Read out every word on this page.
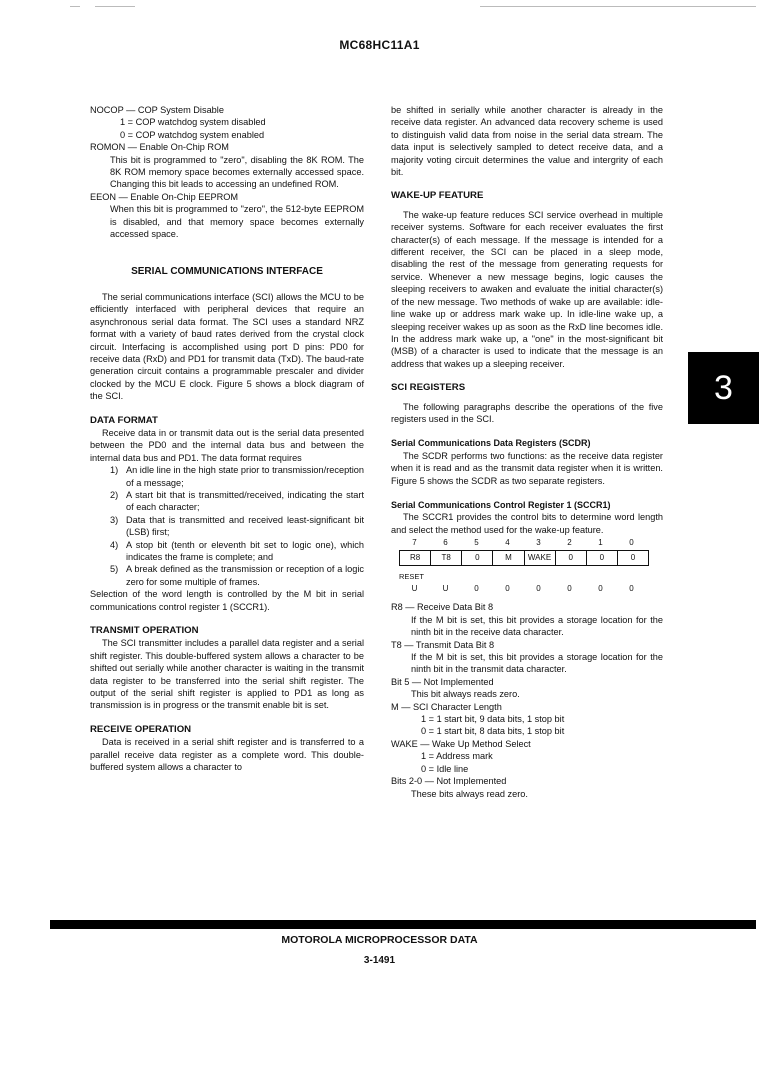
MC68HC11A1

NOCOP — COP System Disable

1 = COP watchdog system disabled

0 = COP watchdog system enabled

ROMON — Enable On-Chip ROM

This bit is programmed to "zero", disabling the 8K ROM. The 8K ROM memory space becomes externally accessed space. Changing this bit leads to accessing an undefined ROM.

EEON — Enable On-Chip EEPROM

When this bit is programmed to "zero", the 512-byte EEPROM is disabled, and that memory space becomes externally accessed space.

SERIAL COMMUNICATIONS INTERFACE

The serial communications interface (SCI) allows the MCU to be efficiently interfaced with peripheral devices that require an asynchronous serial data format. The SCI uses a standard NRZ format with a variety of baud rates derived from the crystal clock circuit. Interfacing is accomplished using port D pins: PD0 for receive data (RxD) and PD1 for transmit data (TxD). The baud-rate generation circuit contains a programmable prescaler and divider clocked by the MCU E clock. Figure 5 shows a block diagram of the SCI.

DATA FORMAT

Receive data in or transmit data out is the serial data presented between the PD0 and the internal data bus and between the internal data bus and PD1. The data format requires

1) An idle line in the high state prior to transmission/reception of a message;
2) A start bit that is transmitted/received, indicating the start of each character;
3) Data that is transmitted and received least-significant bit (LSB) first;
4) A stop bit (tenth or eleventh bit set to logic one), which indicates the frame is complete; and
5) A break defined as the transmission or reception of a logic zero for some multiple of frames.

Selection of the word length is controlled by the M bit in serial communications control register 1 (SCCR1).

TRANSMIT OPERATION

The SCI transmitter includes a parallel data register and a serial shift register. This double-buffered system allows a character to be shifted out serially while another character is waiting in the transmit data register to be transferred into the serial shift register. The output of the serial shift register is applied to PD1 as long as transmission is in progress or the transmit enable bit is set.

RECEIVE OPERATION

Data is received in a serial shift register and is transferred to a parallel receive data register as a complete word. This double-buffered system allows a character to

be shifted in serially while another character is already in the receive data register. An advanced data recovery scheme is used to distinguish valid data from noise in the serial data stream. The data input is selectively sampled to detect receive data, and a majority voting circuit determines the value and intergrity of each bit.

WAKE-UP FEATURE

The wake-up feature reduces SCI service overhead in multiple receiver systems. Software for each receiver evaluates the first character(s) of each message. If the message is intended for a different receiver, the SCI can be placed in a sleep mode, disabling the rest of the message from generating requests for service. Whenever a new message begins, logic causes the sleeping receivers to awaken and evaluate the initial character(s) of the new message. Two methods of wake up are available: idle-line wake up or address mark wake up. In idle-line wake up, a sleeping receiver wakes up as soon as the RxD line becomes idle. In the address mark wake up, a "one" in the most-significant bit (MSB) of a character is used to indicate that the message is an address that wakes up a sleeping receiver.

SCI REGISTERS

The following paragraphs describe the operations of the five registers used in the SCI.

Serial Communications Data Registers (SCDR)

The SCDR performs two functions: as the receive data register when it is read and as the transmit data register when it is written. Figure 5 shows the SCDR as two separate registers.

Serial Communications Control Register 1 (SCCR1)

The SCCR1 provides the control bits to determine word length and select the method used for the wake-up feature.

7	6	5	4	3	2	1	0
R8	T8	0	M	WAKE	0	0	0
RESET
U	U	0	0	0	0	0	0

R8 — Receive Data Bit 8

If the M bit is set, this bit provides a storage location for the ninth bit in the receive data character.

T8 — Transmit Data Bit 8

If the M bit is set, this bit provides a storage location for the ninth bit in the transmit data character.

Bit 5 — Not Implemented

This bit always reads zero.

M — SCI Character Length

1 = 1 start bit, 9 data bits, 1 stop bit

0 = 1 start bit, 8 data bits, 1 stop bit

WAKE — Wake Up Method Select

1 = Address mark

0 = Idle line

Bits 2-0 — Not Implemented

These bits always read zero.

3
MOTOROLA MICROPROCESSOR DATA
3-1491
